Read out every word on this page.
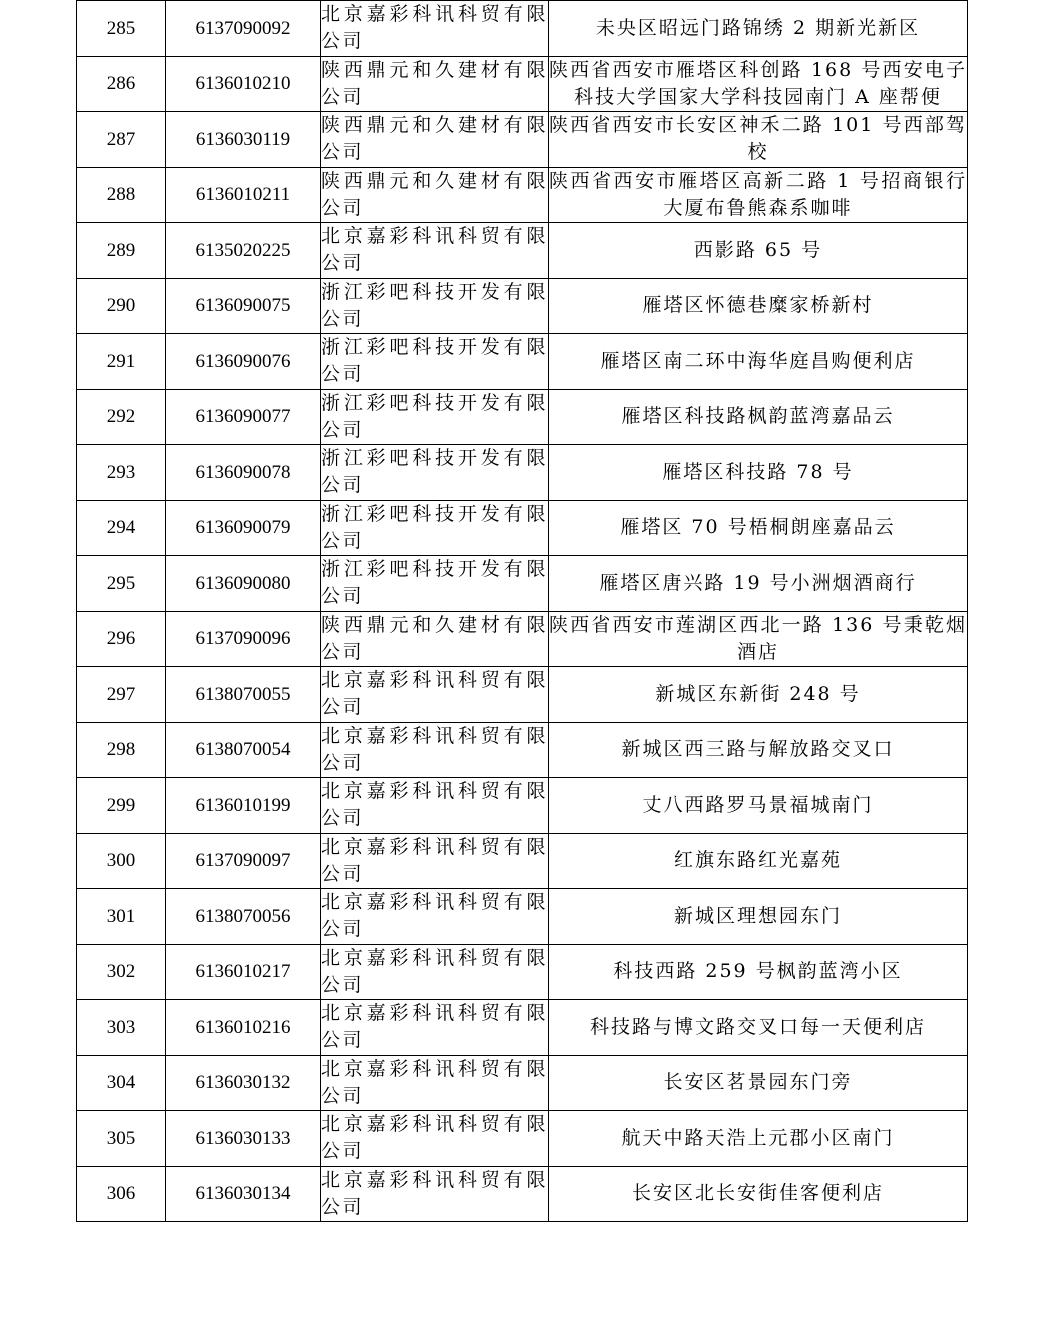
285	6137090092	北京嘉彩科讯科贸有限公司	未央区昭远门路锦绣 2 期新光新区
286	6136010210	陕西鼎元和久建材有限公司	陕西省西安市雁塔区科创路 168 号西安电子科技大学国家大学科技园南门 A 座帮便
287	6136030119	陕西鼎元和久建材有限公司	陕西省西安市长安区神禾二路 101 号西部驾校
288	6136010211	陕西鼎元和久建材有限公司	陕西省西安市雁塔区高新二路 1 号招商银行大厦布鲁熊森系咖啡
289	6135020225	北京嘉彩科讯科贸有限公司	西影路 65 号
290	6136090075	浙江彩吧科技开发有限公司	雁塔区怀德巷糜家桥新村
291	6136090076	浙江彩吧科技开发有限公司	雁塔区南二环中海华庭昌购便利店
292	6136090077	浙江彩吧科技开发有限公司	雁塔区科技路枫韵蓝湾嘉品云
293	6136090078	浙江彩吧科技开发有限公司	雁塔区科技路 78 号
294	6136090079	浙江彩吧科技开发有限公司	雁塔区 70 号梧桐朗座嘉品云
295	6136090080	浙江彩吧科技开发有限公司	雁塔区唐兴路 19 号小洲烟酒商行
296	6137090096	陕西鼎元和久建材有限公司	陕西省西安市莲湖区西北一路 136 号秉乾烟酒店
297	6138070055	北京嘉彩科讯科贸有限公司	新城区东新街 248 号
298	6138070054	北京嘉彩科讯科贸有限公司	新城区西三路与解放路交叉口
299	6136010199	北京嘉彩科讯科贸有限公司	丈八西路罗马景福城南门
300	6137090097	北京嘉彩科讯科贸有限公司	红旗东路红光嘉苑
301	6138070056	北京嘉彩科讯科贸有限公司	新城区理想园东门
302	6136010217	北京嘉彩科讯科贸有限公司	科技西路 259 号枫韵蓝湾小区
303	6136010216	北京嘉彩科讯科贸有限公司	科技路与博文路交叉口每一天便利店
304	6136030132	北京嘉彩科讯科贸有限公司	长安区茗景园东门旁
305	6136030133	北京嘉彩科讯科贸有限公司	航天中路天浩上元郡小区南门
306	6136030134	北京嘉彩科讯科贸有限公司	长安区北长安街佳客便利店
